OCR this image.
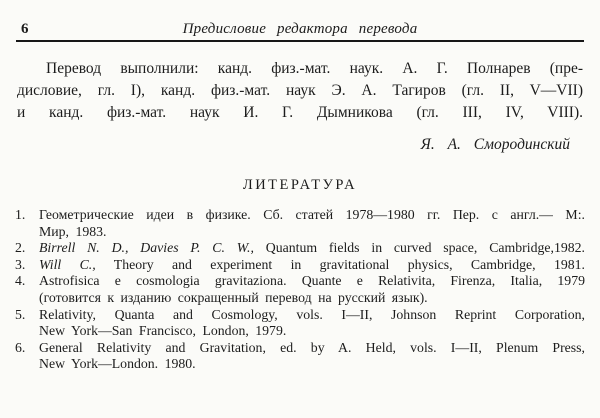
6	Предисловие редактора перевода
Перевод выполнили: канд. физ.-мат. наук. А. Г. Полнарев (пре-
дисловие, гл. I), канд. физ.-мат. наук Э. А. Тагиров (гл. II, V—VII)
и канд. физ.-мат. наук И. Г. Дымникова (гл. III, IV, VIII).
Я. А. Смородинский
ЛИТЕРАТУРА
1. Геометрические идеи в физике. Сб. статей 1978—1980 гг. Пер. с англ.— М:.
Мир, 1983.
2. Birrell N. D., Davies P. C. W., Quantum fields in curved space, Cambridge,1982.
3. Will C., Theory and experiment in gravitational physics, Cambridge, 1981.
4. Astrofisica e cosmologia gravitaziona. Quante e Relativita, Firenza, Italia, 1979
(готовится к изданию сокращенный перевод на русский язык).
5. Relativity, Quanta and Cosmology, vols. I—II, Johnson Reprint Corporation,
New York—San Francisco, London, 1979.
6. General Relativity and Gravitation, ed. by A. Held, vols. I—II, Plenum Press,
New York—London. 1980.
